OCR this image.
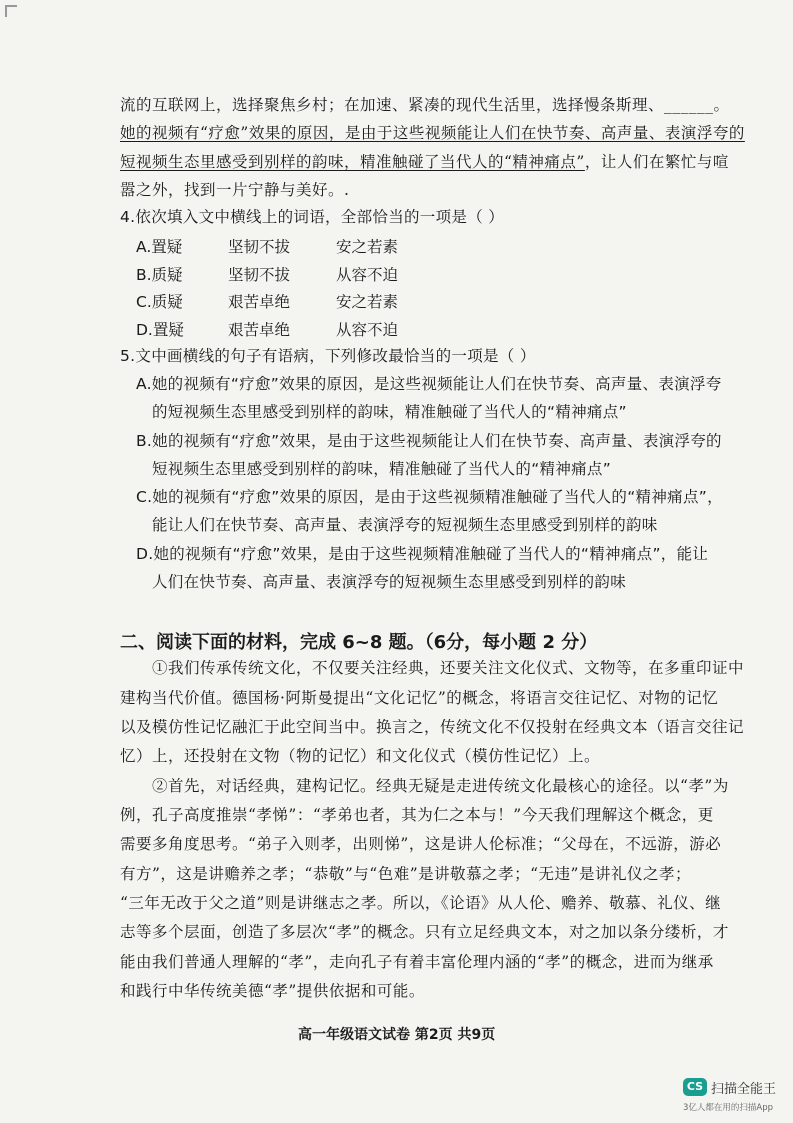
流的互联网上，选择聚焦乡村；在加速、紧凑的现代生活里，选择慢条斯理、______。
她的视频有“疗愈”效果的原因，是由于这些视频能让人们在快节奏、高声量、表演浮夸的
短视频生态里感受到别样的韵味，精准触碰了当代人的“精神痛点”，让人们在繁忙与喧
嚣之外，找到一片宁静与美好。.
4.依次填入文中横线上的词语，全部恰当的一项是（ ）
A.置疑	坚韧不拔	安之若素
B.质疑	坚韧不拔	从容不迫
C.质疑	艰苦卓绝	安之若素
D.置疑	艰苦卓绝	从容不迫
5.文中画横线的句子有语病，下列修改最恰当的一项是（ ）
A.她的视频有“疗愈”效果的原因，是这些视频能让人们在快节奏、高声量、表演浮夸
的短视频生态里感受到别样的韵味，精准触碰了当代人的“精神痛点”
B.她的视频有“疗愈”效果，是由于这些视频能让人们在快节奏、高声量、表演浮夸的
短视频生态里感受到别样的韵味，精准触碰了当代人的“精神痛点”
C.她的视频有“疗愈”效果的原因，是由于这些视频精准触碰了当代人的“精神痛点”，
能让人们在快节奏、高声量、表演浮夸的短视频生态里感受到别样的韵味
D.她的视频有“疗愈”效果，是由于这些视频精准触碰了当代人的“精神痛点”，能让
人们在快节奏、高声量、表演浮夸的短视频生态里感受到别样的韵味
二、阅读下面的材料，完成 6~8 题。（6分，每小题 2 分）
①我们传承传统文化，不仅要关注经典，还要关注文化仪式、文物等，在多重印证中
建构当代价值。德国杨·阿斯曼提出“文化记忆”的概念，将语言交往记忆、对物的记忆
以及模仿性记忆融汇于此空间当中。换言之，传统文化不仅投射在经典文本（语言交往记
忆）上，还投射在文物（物的记忆）和文化仪式（模仿性记忆）上。
②首先，对话经典，建构记忆。经典无疑是走进传统文化最核心的途径。以“孝”为
例，孔子高度推崇“孝悌”：“孝弟也者，其为仁之本与！”今天我们理解这个概念，更
需要多角度思考。“弟子入则孝，出则悌”，这是讲人伦标准；“父母在，不远游，游必
有方”，这是讲赡养之孝；“恭敬”与“色难”是讲敬慕之孝；“无违”是讲礼仪之孝；
“三年无改于父之道”则是讲继志之孝。所以，《论语》从人伦、赡养、敬慕、礼仪、继
志等多个层面，创造了多层次“孝”的概念。只有立足经典文本，对之加以条分缕析，才
能由我们普通人理解的“孝”，走向孔子有着丰富伦理内涵的“孝”的概念，进而为继承
和践行中华传统美德“孝”提供依据和可能。
高一年级语文试卷 第2页 共9页
CS 扫描全能王
3亿人都在用的扫描App
